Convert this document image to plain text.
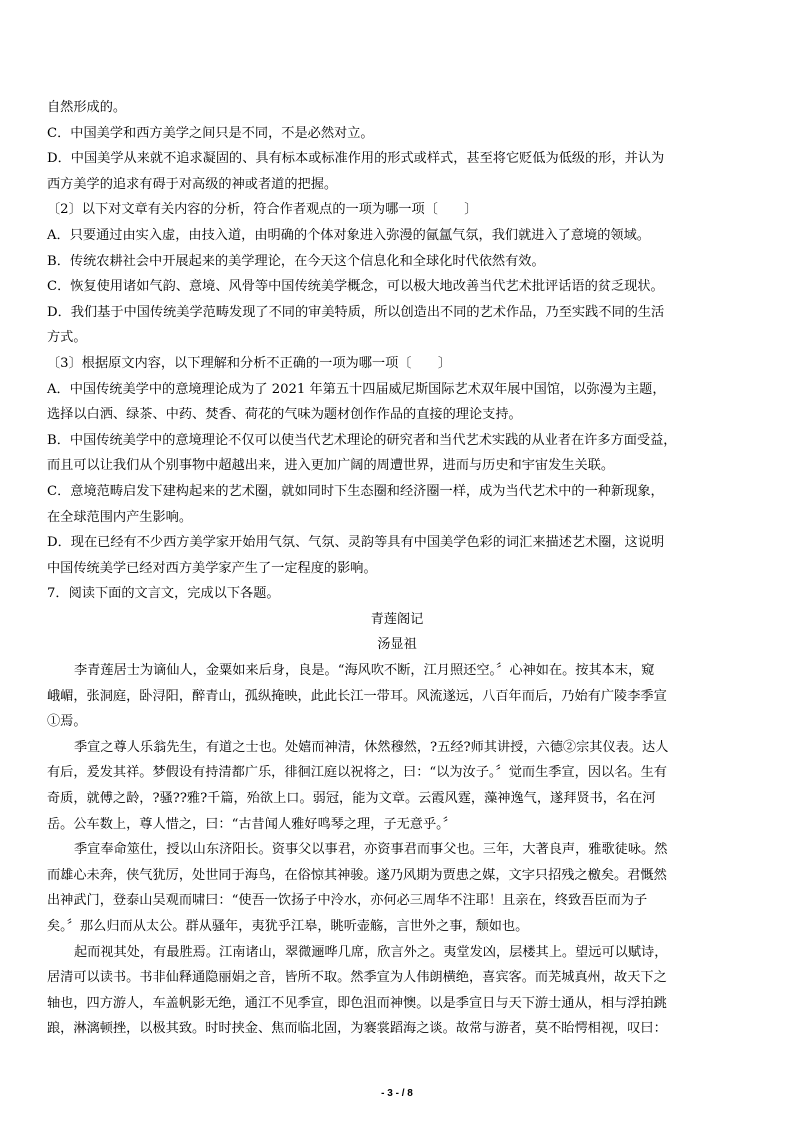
自然形成的。
C．中国美学和西方美学之间只是不同，不是必然对立。
D．中国美学从来就不追求凝固的、具有标本或标准作用的形式或样式，甚至将它贬低为低级的形，并认为
西方美学的追求有碍于对高级的神或者道的把握。
〔2〕以下对文章有关内容的分析，符合作者观点的一项为哪一项〔　　〕
A．只要通过由实入虚，由技入道，由明确的个体对象进入弥漫的氤氲气氛，我们就进入了意境的领域。
B．传统农耕社会中开展起来的美学理论，在今天这个信息化和全球化时代依然有效。
C．恢复使用诸如气韵、意境、风骨等中国传统美学概念，可以极大地改善当代艺术批评话语的贫乏现状。
D．我们基于中国传统美学范畴发现了不同的审美特质，所以创造出不同的艺术作品，乃至实践不同的生活
方式。
〔3〕根据原文内容，以下理解和分析不正确的一项为哪一项〔　　〕
A．中国传统美学中的意境理论成为了 2021 年第五十四届威尼斯国际艺术双年展中国馆，以弥漫为主题，
选择以白洒、绿茶、中药、焚香、荷花的气味为题材创作作品的直接的理论支持。
B．中国传统美学中的意境理论不仅可以使当代艺术理论的研究者和当代艺术实践的从业者在许多方面受益，
而且可以让我们从个别事物中超越出来，进入更加广阔的周遭世界，进而与历史和宇宙发生关联。
C．意境范畴启发下建构起来的艺术圈，就如同时下生态圈和经济圈一样，成为当代艺术中的一种新现象，
在全球范围内产生影响。
D．现在已经有不少西方美学家开始用气氛、气氛、灵韵等具有中国美学色彩的词汇来描述艺术圈，这说明
中国传统美学已经对西方美学家产生了一定程度的影响。
7．阅读下面的文言文，完成以下各题。
青莲阁记
汤显祖
李青莲居士为谪仙人，金粟如来后身，良是。“海风吹不断，江月照还空。〞心神如在。按其本末，窥
峨嵋，张洞庭，卧浔阳，醉青山，孤纵掩映，此此长江一带耳。风流遂远，八百年而后，乃始有广陵李季宣
①焉。
季宣之尊人乐翁先生，有道之士也。处嬉而神清，休然穆然，?五经?师其讲授，六德②宗其仪表。达人
有后，爰发其祥。梦假设有持清都广乐，徘徊江庭以祝将之，曰：“以为汝子。〞觉而生季宣，因以名。生有
奇质，就傅之龄，?骚??雅?千篇，殆欲上口。弱冠，能为文章。云霞风霆，藻神逸气，遂拜贤书，名在河
岳。公车数上，尊人惜之，曰：“古昔闻人雅好鸣琴之理，子无意乎。〞
季宣奉命筮仕，授以山东济阳长。资事父以事君，亦资事君而事父也。三年，大著良声，雅歌徒咏。然
而雄心未奔，侠气犹厉，处世同于海鸟，在俗惊其神骏。遂乃风期为贾患之媒，文字只招残之檄矣。君慨然
出神武门，登泰山吴观而啸曰：“使吾一饮扬子中泠水，亦何必三周华不注耶！且亲在，终致吾臣而为子
矣。〞那么归而从太公。群从骚年，夷犹乎江皋，眺听壶觞，言世外之事，颓如也。
起而视其处，有最胜焉。江南诸山，翠微逦哗几席，欣言外之。夷堂发凶，层楼其上。望远可以赋诗，
居清可以读书。书非仙释通隐丽娟之音，皆所不取。然季宣为人伟朗横绝，喜宾客。而芜城真州，故天下之
轴也，四方游人，车盖帆影无绝，通江不见季宣，即色沮而神懊。以是季宣日与天下游士通从，相与浮拍跳
踉，淋漓顿挫，以极其致。时时挟金、焦而临北固，为褰裳蹈海之谈。故常与游者，莫不眙愕相视，叹曰：
- 3 - / 8
